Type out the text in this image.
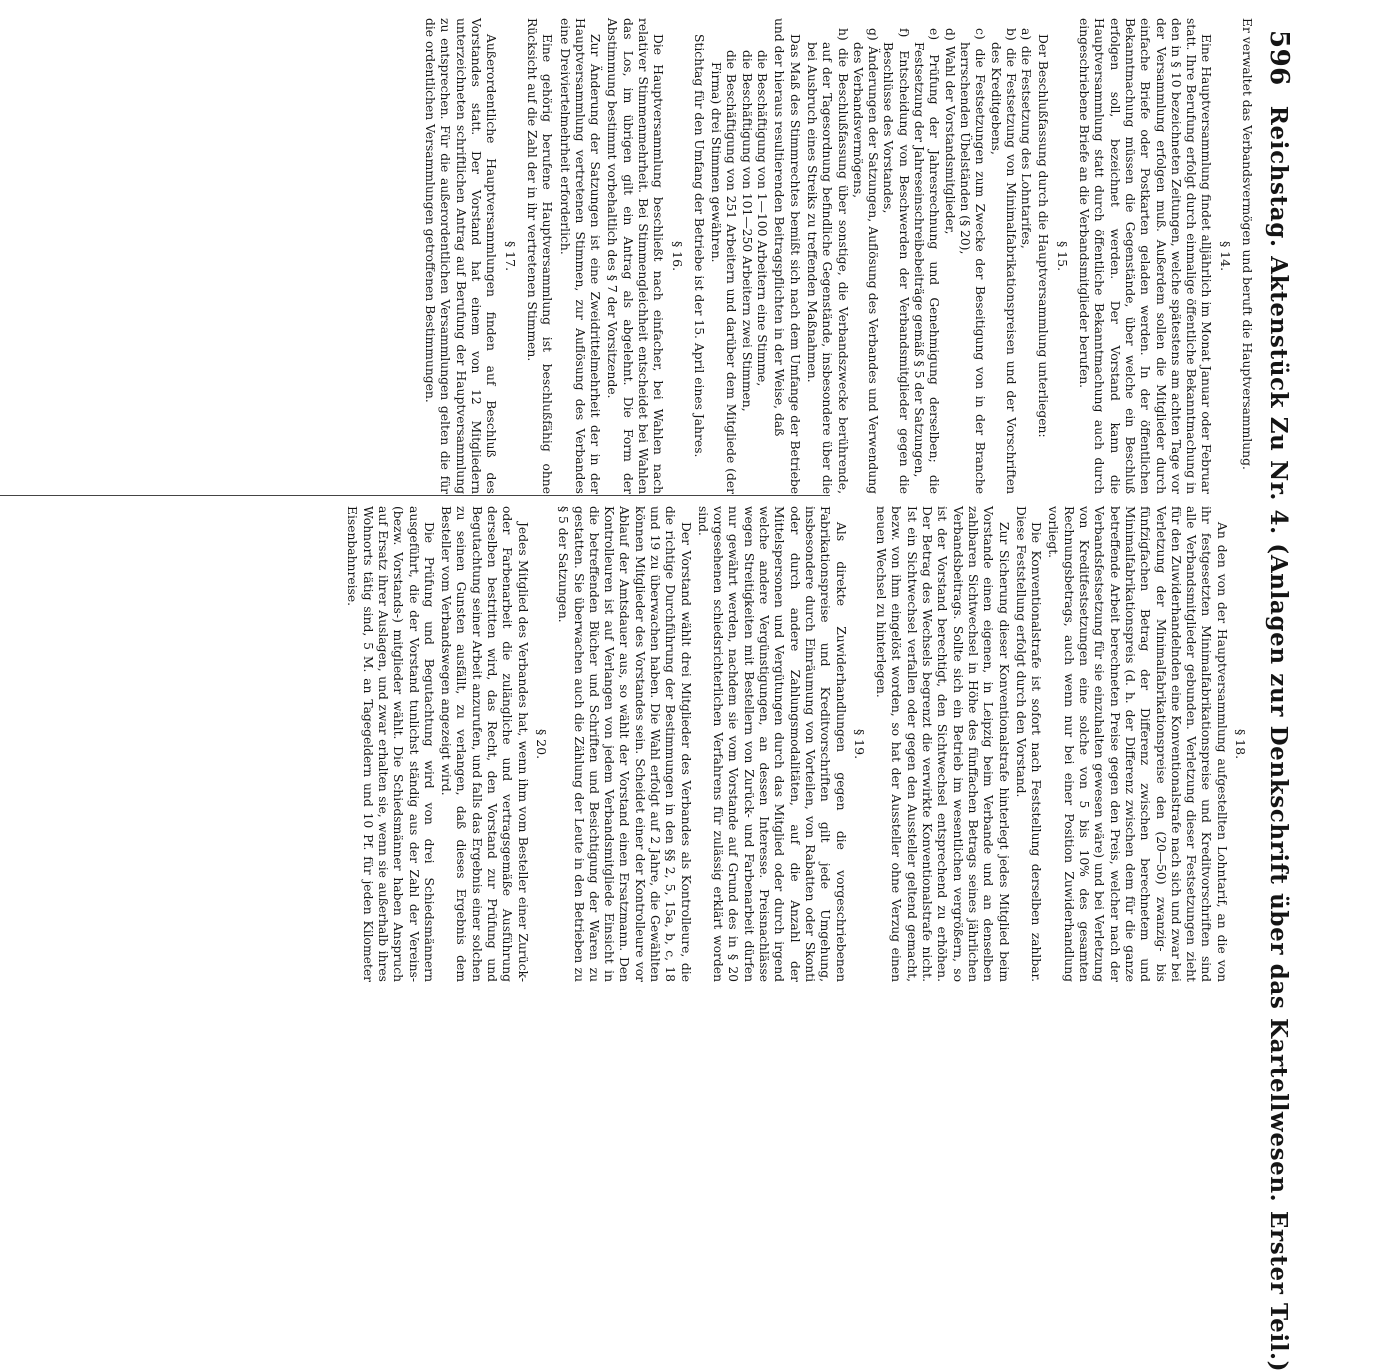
596
Reichstag. Aktenstück Zu Nr. 4. (Anlagen zur Denkschrift über das Kartellwesen. Erster Teil.)

Er verwaltet das Verbandsvermögen und beruft die Hauptversammlung.

§ 14.

Eine Hauptversammlung findet alljährlich im Monat Januar oder Februar statt. Ihre Berufung erfolgt durch einmalige öffentliche Bekanntmachung in den in § 10 bezeichneten Zeitungen, welche spätestens am achten Tage vor der Versammlung erfolgen muß. Außerdem sollen die Mitglieder durch einfache Briefe oder Postkarten geladen werden. In der öffentlichen Bekanntmachung müssen die Gegenstände, über welche ein Beschluß erfolgen soll, bezeichnet werden. Der Vorstand kann die Hauptversammlung statt durch öffentliche Bekanntmachung auch durch eingeschriebene Briefe an die Verbandsmitglieder berufen.

§ 15.

Der Beschlußfassung durch die Hauptversammlung unterliegen:

a) die Festsetzung des Lohntarifes,

b) die Festsetzung von Minimalfabrikationspreisen und der Vorschriften des Kreditgebens,

c) die Festsetzungen zum Zwecke der Beseitigung von in der Branche herrschenden Übelständen (§ 20),

d) Wahl der Vorstandsmitglieder,

e) Prüfung der Jahresrechnung und Genehmigung derselben; die Festsetzung der Jahreseinschreibebeiträge gemäß § 5 der Satzungen,

f) Entscheidung von Beschwerden der Verbandsmitglieder gegen die Beschlüsse des Vorstandes,

g) Änderungen der Satzungen, Auflösung des Verbandes und Verwendung des Verbandsvermögens,

h) die Beschlußfassung über sonstige, die Verbandszwecke berührende, auf der Tagesordnung befindliche Gegenstände, insbesondere über die bei Ausbruch eines Streiks zu treffenden Maßnahmen.

Das Maß des Stimmrechtes bemißt sich nach dem Umfange der Betriebe und der hieraus resultierenden Beitragspflichten in der Weise, daß

die Beschäftigung von 1—100 Arbeitern eine Stimme,

die Beschäftigung von 101—250 Arbeitern zwei Stimmen,

die Beschäftigung von 251 Arbeitern und darüber dem Mitgliede (der Firma) drei Stimmen gewähren.

Stichtag für den Umfang der Betriebe ist der 15. April eines Jahres.

§ 16.

Die Hauptversammlung beschließt nach einfacher, bei Wahlen nach relativer Stimmenmehrheit. Bei Stimmengleichheit entscheidet bei Wahlen das Los, im übrigen gilt ein Antrag als abgelehnt. Die Form der Abstimmung bestimmt vorbehaltlich des § 7 der Vorsitzende.

Zur Änderung der Satzungen ist eine Zweidrittelmehrheit der in der Hauptversammlung vertretenen Stimmen, zur Auflösung des Verbandes eine Dreiviertelmehrheit erforderlich.

Eine gehörig berufene Hauptversammlung ist beschlußfähig ohne Rücksicht auf die Zahl der in ihr vertretenen Stimmen.

§ 17.

Außerordentliche Hauptversammlungen finden auf Beschluß des Vorstandes statt. Der Vorstand hat einem von 12 Mitgliedern unterzeichneten schriftlichen Antrag auf Berufung der Hauptversammlung zu entsprechen. Für die außerordentlichen Versammlungen gelten die für die ordentlichen Versammlungen getroffenen Bestimmungen.

§ 18.

An den von der Hauptversammlung aufgestellten Lohntarif, an die von ihr festgesetzten Minimalfabrikationspreise und Kreditvorschriften sind alle Verbandsmitglieder gebunden. Verletzung dieser Festsetzungen zieht für den Zuwiderhandelnden eine Konventionalstrafe nach sich und zwar bei Verletzung der Minimalfabrikationspreise den (20—50) zwanzig- bis fünfzigfachen Betrag der Differenz zwischen berechnetem und Minimalfabrikationspreis (d. h. der Differenz zwischen dem für die ganze betreffende Arbeit berechneten Preise gegen den Preis, welcher nach der Verbandsfestsetzung für sie einzuhalten gewesen wäre) und bei Verletzung von Kreditfestsetzungen eine solche von 5 bis 10% des gesamten Rechnungsbetrags, auch wenn nur bei einer Position Zuwiderhandlung vorliegt.

Die Konventionalstrafe ist sofort nach Feststellung derselben zahlbar. Diese Feststellung erfolgt durch den Vorstand.

Zur Sicherung dieser Konventionalstrafe hinterlegt jedes Mitglied beim Vorstande einen eigenen, in Leipzig beim Verbande und an denselben zahlbaren Sichtwechsel in Höhe des fünffachen Betrags seines jährlichen Verbandsbeitrags. Sollte sich ein Betrieb im wesentlichen vergrößern, so ist der Vorstand berechtigt, den Sichtwechsel entsprechend zu erhöhen. Der Betrag des Wechsels begrenzt die verwirkte Konventionalstrafe nicht. Ist ein Sichtwechsel verfallen oder gegen den Aussteller geltend gemacht, bezw. von ihm eingelöst worden, so hat der Aussteller ohne Verzug einen neuen Wechsel zu hinterlegen.

§ 19.

Als direkte Zuwiderhandlungen gegen die vorgeschriebenen Fabrikationspreise und Kreditvorschriften gilt jede Umgehung, insbesondere durch Einräumung von Vorteilen, von Rabatten oder Skonti oder durch andere Zahlungsmodalitäten, auf die Anzahl der Mittelspersonen und Vergütungen durch das Mitglied oder durch irgend welche andere Vergünstigungen, an dessen Interesse. Preisnachlässe wegen Streitigkeiten mit Bestellern von Zurück- und Farbenarbeit dürfen nur gewährt werden, nachdem sie vom Vorstande auf Grund des in § 20 vorgesehenen schiedsrichterlichen Verfahrens für zulässig erklärt worden sind.

Der Vorstand wählt drei Mitglieder des Verbandes als Kontrolleure, die die richtige Durchführung der Bestimmungen in den §§ 2, 5, 15a, b, c, 18 und 19 zu überwachen haben. Die Wahl erfolgt auf 2 Jahre, die Gewählten können Mitglieder des Vorstandes sein. Scheidet einer der Kontrolleure vor Ablauf der Amtsdauer aus, so wählt der Vorstand einen Ersatzmann. Den Kontrolleuren ist auf Verlangen von jedem Verbandsmitgliede Einsicht in die betreffenden Bücher und Schriften und Besichtigung der Waren zu gestatten. Sie überwachen auch die Zählung der Leute in den Betrieben zu § 5 der Satzungen.

§ 20.

Jedes Mitglied des Verbandes hat, wenn ihm vom Besteller einer Zurück- oder Farbenarbeit die zulängliche und vertragsgemäße Ausführung derselben bestritten wird, das Recht, den Vorstand zur Prüfung und Begutachtung seiner Arbeit anzurufen, und falls das Ergebnis einer solchen zu seinen Gunsten ausfällt, zu verlangen, daß dieses Ergebnis dem Besteller vom Verbandswegen angezeigt wird.

Die Prüfung und Begutachtung wird von drei Schiedsmännern ausgeführt, die der Vorstand tunlichst ständig aus der Zahl der Vereins- (bezw. Vorstands-) mitglieder wählt. Die Schiedsmänner haben Anspruch auf Ersatz ihrer Auslagen, und zwar erhalten sie, wenn sie außerhalb ihres Wohnorts tätig sind, 5 M. an Tagegeldern und 10 Pf. für jeden Kilometer Eisenbahnreise.
